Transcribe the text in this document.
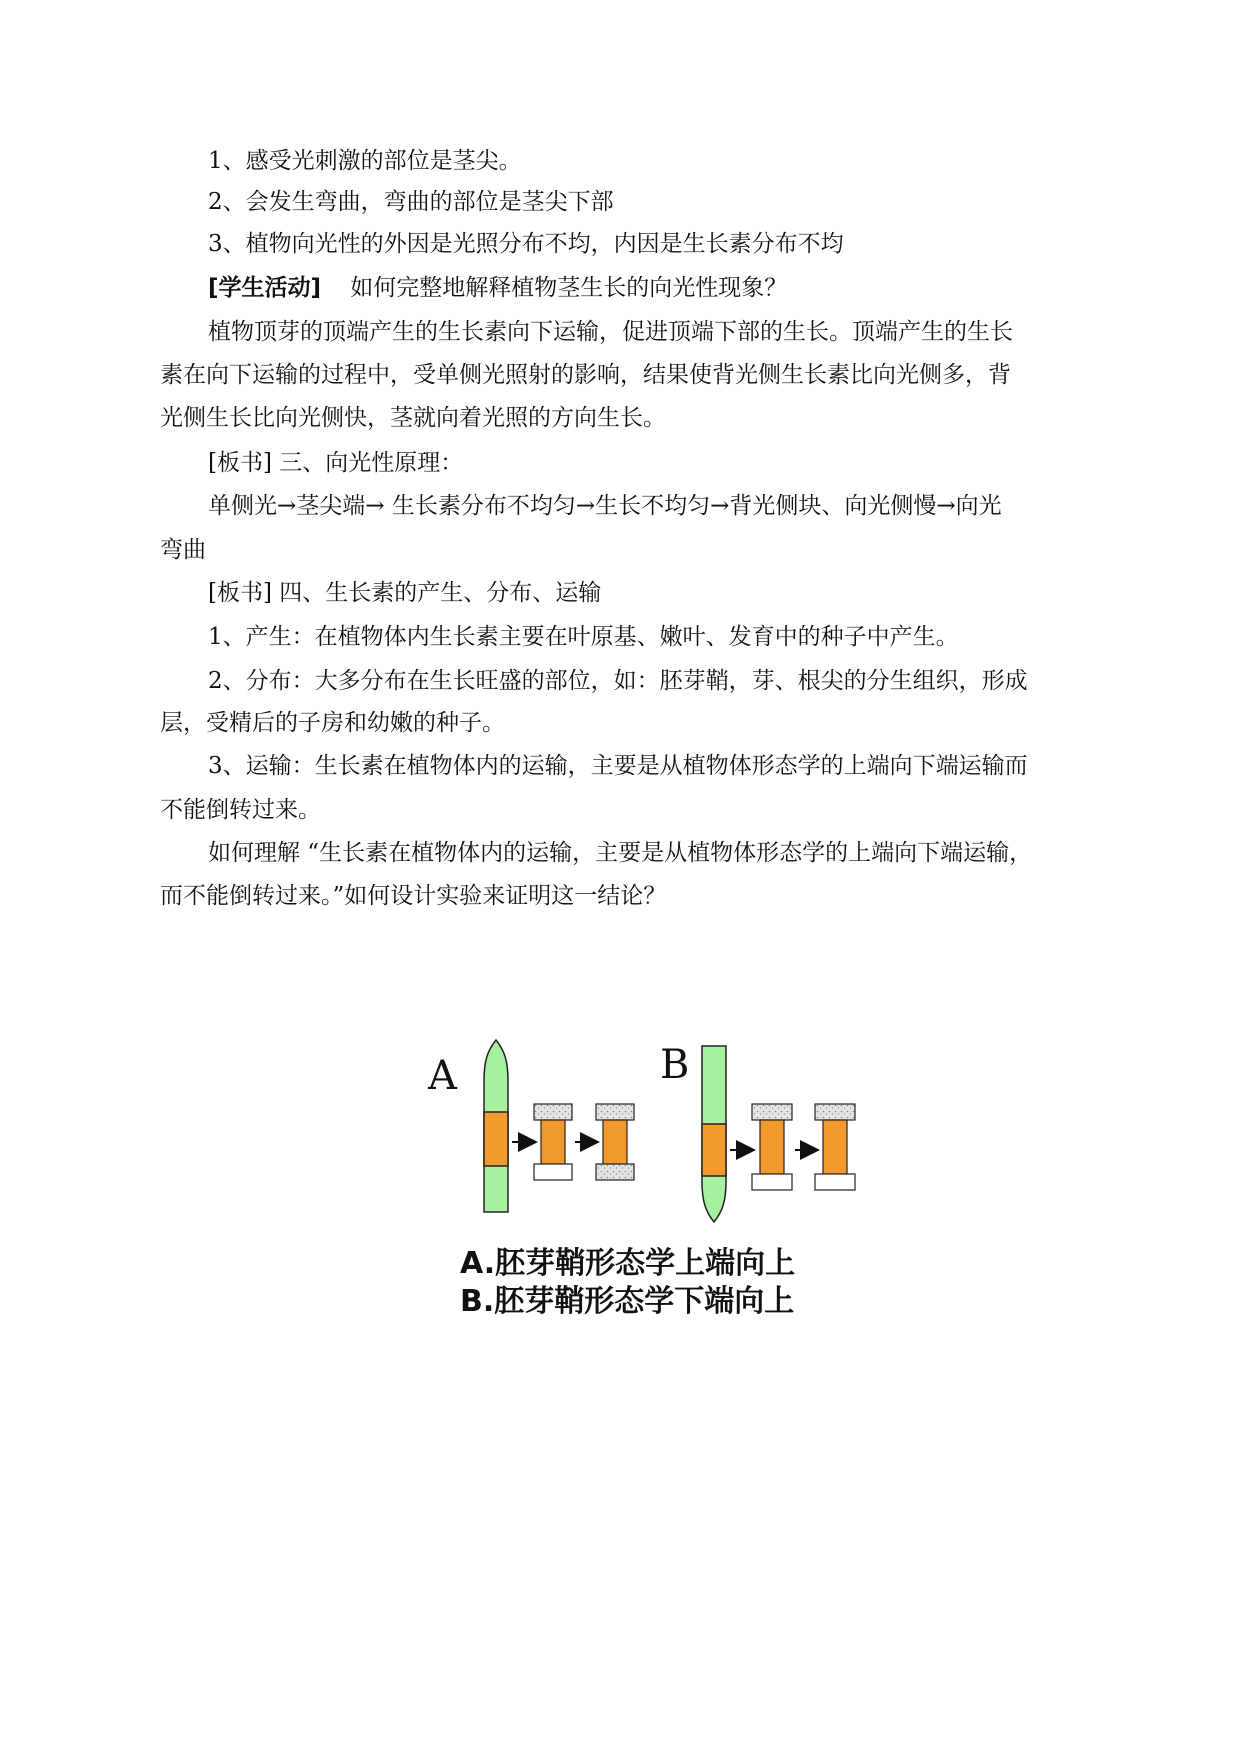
1、感受光刺激的部位是茎尖。
2、会发生弯曲，弯曲的部位是茎尖下部
3、植物向光性的外因是光照分布不均，内因是生长素分布不均
[学生活动] 如何完整地解释植物茎生长的向光性现象？
植物顶芽的顶端产生的生长素向下运输，促进顶端下部的生长。顶端产生的生长
素在向下运输的过程中，受单侧光照射的影响，结果使背光侧生长素比向光侧多，背
光侧生长比向光侧快，茎就向着光照的方向生长。
[板书] 三、向光性原理：
单侧光→茎尖端→ 生长素分布不均匀→生长不均匀→背光侧块、向光侧慢→向光
弯曲
[板书] 四、生长素的产生、分布、运输
1、产生：在植物体内生长素主要在叶原基、嫩叶、发育中的种子中产生。
2、分布：大多分布在生长旺盛的部位，如：胚芽鞘，芽、根尖的分生组织，形成
层，受精后的子房和幼嫩的种子。
3、运输：生长素在植物体内的运输，主要是从植物体形态学的上端向下端运输而
不能倒转过来。
如何理解 “生长素在植物体内的运输，主要是从植物体形态学的上端向下端运输，
而不能倒转过来。”如何设计实验来证明这一结论？
A	B
A.胚芽鞘形态学上端向上
B.胚芽鞘形态学下端向上
